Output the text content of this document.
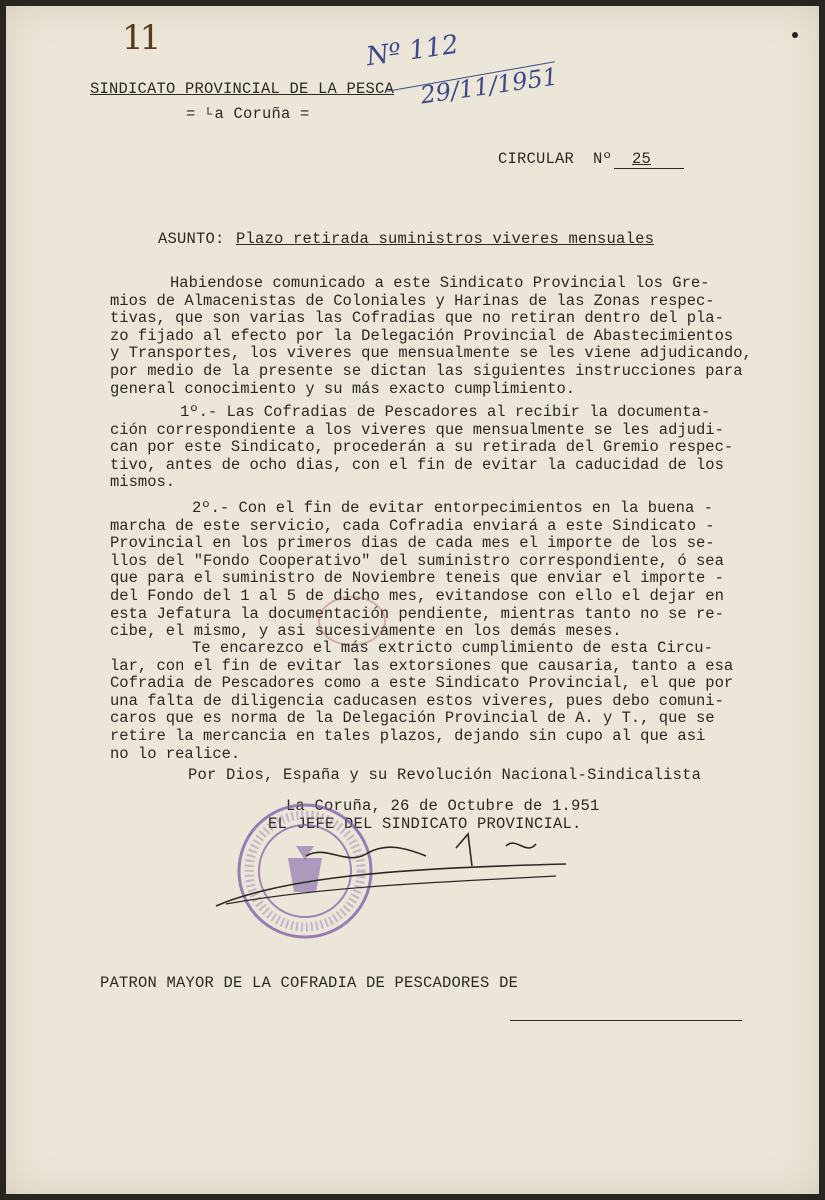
11
SINDICATO PROVINCIAL DE LA PESCA
= ᴸa Coruña =
Nº 112
29/11/1951
CIRCULAR  Nº 25
ASUNTO: Plazo retirada suministros viveres mensuales
Habiendose comunicado a este Sindicato Provincial los Gre-
mios de Almacenistas de Coloniales y Harinas de las Zonas respec-
tivas, que son varias las Cofradias que no retiran dentro del pla-
zo fijado al efecto por la Delegación Provincial de Abastecimientos
y Transportes, los viveres que mensualmente se les viene adjudicando,
por medio de la presente se dictan las siguientes instrucciones para
general conocimiento y su más exacto cumplimiento.
1º.- Las Cofradias de Pescadores al recibir la documenta-
ción correspondiente a los viveres que mensualmente se les adjudi-
can por este Sindicato, procederán a su retirada del Gremio respec-
tivo, antes de ocho dias, con el fin de evitar la caducidad de los
mismos.
2º.- Con el fin de evitar entorpecimientos en la buena -
marcha de este servicio, cada Cofradia enviará a este Sindicato -
Provincial en los primeros dias de cada mes el importe de los se-
llos del "Fondo Cooperativo" del suministro correspondiente, ó sea
que para el suministro de Noviembre teneis que enviar el importe -
del Fondo del 1 al 5 de dicho mes, evitandose con ello el dejar en
esta Jefatura la documentación pendiente, mientras tanto no se re-
cibe, el mismo, y asi sucesivamente en los demás meses.
Te encarezco el más extricto cumplimiento de esta Circu-
lar, con el fin de evitar las extorsiones que causaria, tanto a esa
Cofradia de Pescadores como a este Sindicato Provincial, el que por
una falta de diligencia caducasen estos viveres, pues debo comuni-
caros que es norma de la Delegación Provincial de A. y T., que se
retire la mercancia en tales plazos, dejando sin cupo al que asi
no lo realice.
Por Dios, España y su Revolución Nacional-Sindicalista
La Coruña, 26 de Octubre de 1.951
EL JEFE DEL SINDICATO PROVINCIAL.
PATRON MAYOR DE LA COFRADIA DE PESCADORES DE
